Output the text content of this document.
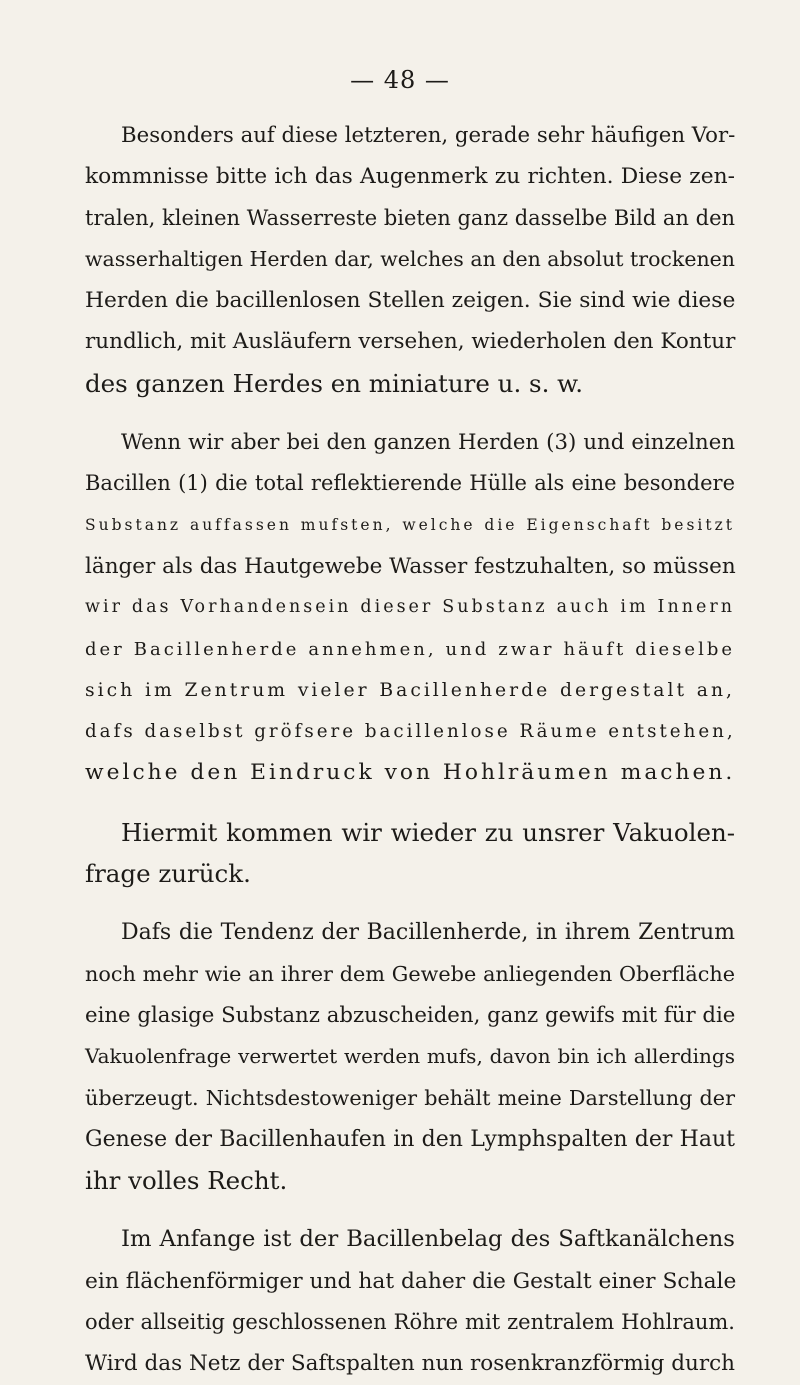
— 48 —
Besonders auf diese letzteren, gerade sehr häufigen Vor-
kommnisse bitte ich das Augenmerk zu richten. Diese zen-
tralen, kleinen Wasserreste bieten ganz dasselbe Bild an den
wasserhaltigen Herden dar, welches an den absolut trockenen
Herden die bacillenlosen Stellen zeigen. Sie sind wie diese
rundlich, mit Ausläufern versehen, wiederholen den Kontur
des ganzen Herdes en miniature u. s. w.
Wenn wir aber bei den ganzen Herden (3) und einzelnen
Bacillen (1) die total reflektierende Hülle als eine besondere
Substanz auffassen mufsten, welche die Eigenschaft besitzt
länger als das Hautgewebe Wasser festzuhalten, so müssen
wir das Vorhandensein dieser Substanz auch im Innern
der Bacillenherde annehmen, und zwar häuft dieselbe
sich im Zentrum vieler Bacillenherde dergestalt an,
dafs daselbst gröfsere bacillenlose Räume entstehen,
welche den Eindruck von Hohlräumen machen.
Hiermit kommen wir wieder zu unsrer Vakuolen-
frage zurück.
Dafs die Tendenz der Bacillenherde, in ihrem Zentrum
noch mehr wie an ihrer dem Gewebe anliegenden Oberfläche
eine glasige Substanz abzuscheiden, ganz gewifs mit für die
Vakuolenfrage verwertet werden mufs, davon bin ich allerdings
überzeugt. Nichtsdestoweniger behält meine Darstellung der
Genese der Bacillenhaufen in den Lymphspalten der Haut
ihr volles Recht.
Im Anfange ist der Bacillenbelag des Saftkanälchens
ein flächenförmiger und hat daher die Gestalt einer Schale
oder allseitig geschlossenen Röhre mit zentralem Hohlraum.
Wird das Netz der Saftspalten nun rosenkranzförmig durch
